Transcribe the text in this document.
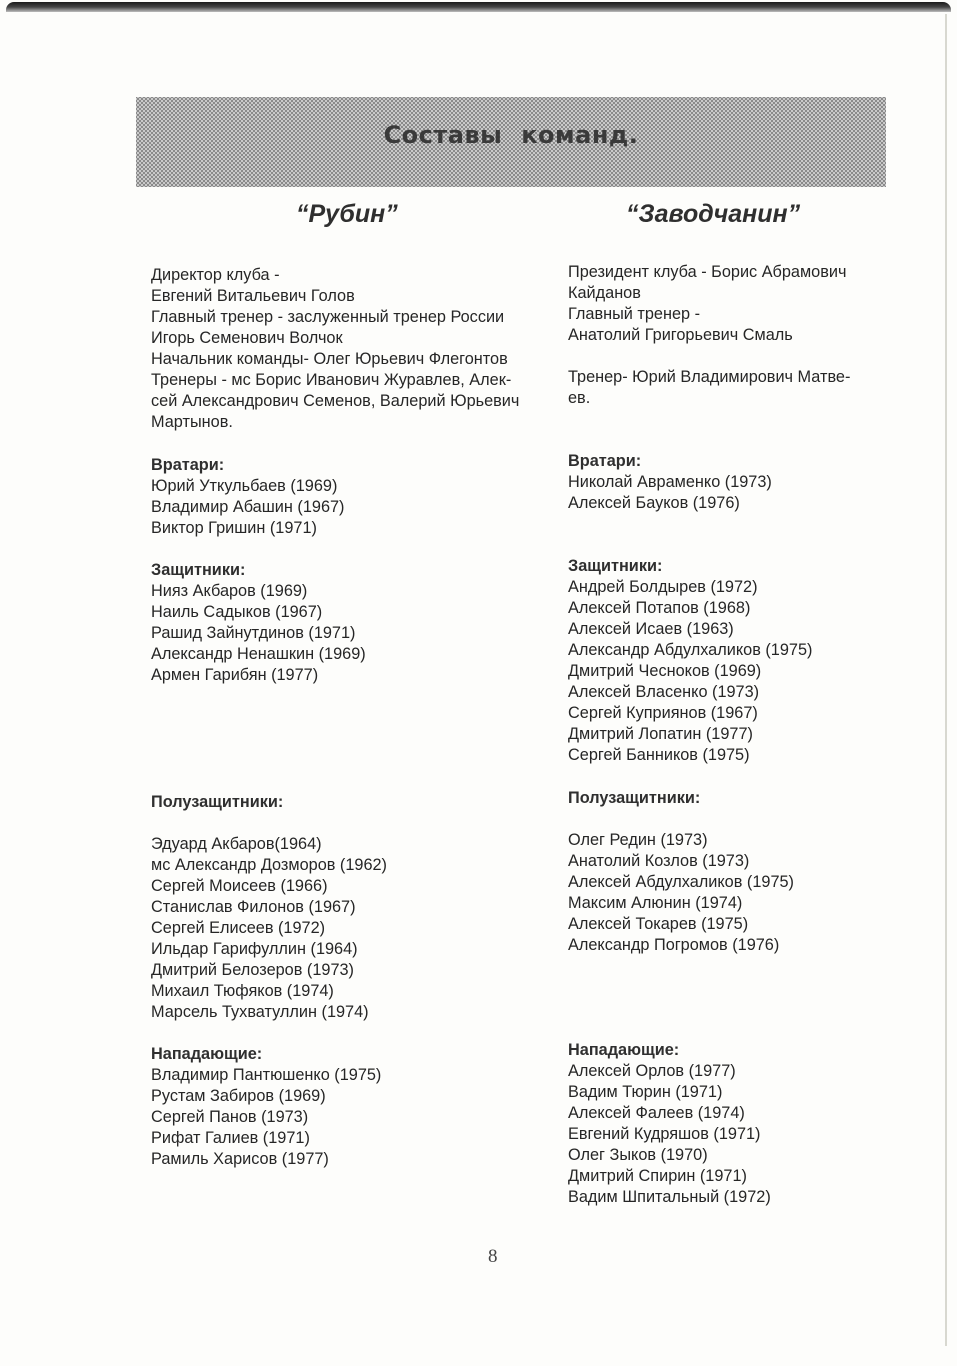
Составы команд.
“Рубин”	“Заводчанин”
Директор клуба -
Евгений Витальевич Голов
Главный тренер - заслуженный тренер России
Игорь Семенович Волчок
Начальник команды- Олег Юрьевич Флегонтов
Тренеры - мс Борис Иванович Журавлев, Алек-
сей Александрович Семенов, Валерий Юрьевич
Мартынов.
Вратари:
Юрий Уткульбаев (1969)
Владимир Абашин (1967)
Виктор Гришин (1971)
Защитники:
Нияз Акбаров (1969)
Наиль Садыков (1967)
Рашид Зайнутдинов (1971)
Александр Ненашкин (1969)
Армен Гарибян (1977)
Полузащитники:
Эдуард Акбаров(1964)
мс Александр Дозморов (1962)
Сергей Моисеев (1966)
Станислав Филонов (1967)
Сергей Елисеев (1972)
Ильдар Гарифуллин (1964)
Дмитрий Белозеров (1973)
Михаил Тюфяков (1974)
Марсель Тухватуллин (1974)
Нападающие:
Владимир Пантюшенко (1975)
Рустам Забиров (1969)
Сергей Панов (1973)
Рифат Галиев (1971)
Рамиль Харисов (1977)
Президент клуба - Борис Абрамович
Кайданов
Главный тренер -
Анатолий Григорьевич Смаль
Тренер- Юрий Владимирович Матве-
ев.
Вратари:
Николай Авраменко (1973)
Алексей Бауков (1976)
Защитники:
Андрей Болдырев (1972)
Алексей Потапов (1968)
Алексей Исаев (1963)
Александр Абдулхаликов (1975)
Дмитрий Чесноков (1969)
Алексей Власенко (1973)
Сергей Куприянов (1967)
Дмитрий Лопатин (1977)
Сергей Банников (1975)
Полузащитники:
Олег Редин (1973)
Анатолий Козлов (1973)
Алексей Абдулхаликов (1975)
Максим Алюнин (1974)
Алексей Токарев (1975)
Александр Погромов (1976)
Нападающие:
Алексей Орлов (1977)
Вадим Тюрин (1971)
Алексей Фалеев (1974)
Евгений Кудряшов (1971)
Олег Зыков (1970)
Дмитрий Спирин (1971)
Вадим Шпитальный (1972)
8
